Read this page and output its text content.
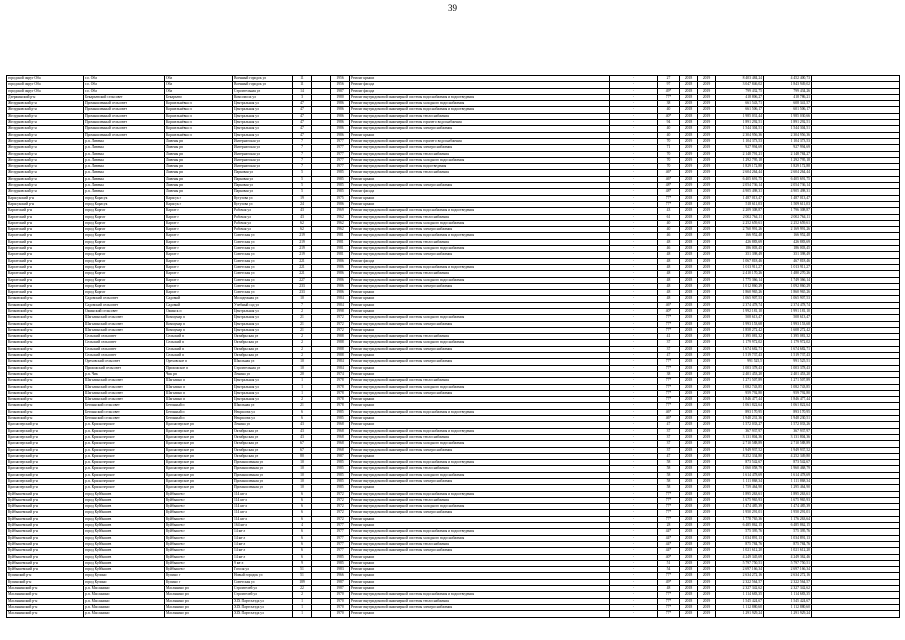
39
городской округ Оба	г.о. Оба	Оба	Военный городок ул	11		1956	Ремонт крыши	-	27	2018	2019	8 403 484,24	4 452 400,73	
городской округ Оба	г.о. Оба	Оба	Военный городок ул	11		1956	Ремонт фасада	-	97	2018	2019	3 047 846,02	1 843 949,02	
городской округ Оба	г.о. Оба	Оба	Строительная ул	14		1987	Ремонт фасада	-	49*	2018	2019	799 432,75	799 434,26	
Дзержинский р-н	Бекарьевский сельсовет	Бекарьево	Комсомола ул	3		1980	Ремонт внутридомовой инженерной системы водоснабжения и водоотведения	-	77*	2018	2019	418 806,27	418 786,21	
Желудковский р-н	Промышленный сельсовет	Коршельнёвка п	Центральная ул	47		1986	Ремонт внутридомовой инженерной системы холодного водоснабжения	-	38	2018	2019	661 543,71	608 341,57	
Желудковский р-н	Промышленный сельсовет	Коршельнёвка п	Центральная ул	47		1986	Ремонт внутридомовой инженерной системы водоснабжения и водоотведения	-	40	2018	2019	661 506,17	601 506,17	
Желудковский р-н	Промышленный сельсовет	Коршельнёвка п	Центральная ул	47		1986	Ремонт внутридомовой инженерной системы теплоснабжения	-	40*	2018	2019	1 985 031,44	1 985 030,66	
Желудковский р-н	Промышленный сельсовет	Коршельнёвка п	Центральная ул	47		1986	Ремонт внутридомовой инженерной системы горячего водоснабжения	-	94	2018	2019	1 891 292,51	1 891 292,51	
Желудковский р-н	Промышленный сельсовет	Коршельнёвка п	Центральная ул	47		1986	Ремонт внутридомовой инженерной системы электроснабжения	-	40	2018	2019	1 544 304,51	1 544 304,51	
Желудковский р-н	Промышленный сельсовет	Коршельнёвка п	Центральная ул	47		1986	Ремонт крыши	-	40	2018	2019	2 304 956,36	2 304 956,36	
Желудковский р-н	р.п. Ливены	Ливены рп	Интернатская ул	7		1977	Ремонт внутридомовой инженерной системы горячего водоснабжения	-	70	2019	2019	1 104 373,53	1 104 373,53	
Желудковский р-н	р.п. Ливены	Ливены рп	Интернатская ул	7		1977	Ремонт внутридомовой инженерной системы электроснабжения	-	71	2019	2019	927 994,69	927 994,69	
Желудковский р-н	р.п. Ливены	Ливены рп	Интернатская ул	7		1977	Ремонт внутридомовой инженерной системы теплоснабжения	-	70	2019	2019	2 148 791,21	2 148 784,27	
Желудковский р-н	р.п. Ливены	Ливены рп	Интернатская ул	7		1977	Ремонт внутридомовой инженерной системы холодного водоснабжения	-	70	2019	2019	1 292 795,18	1 292 795,18	
Желудковский р-н	р.п. Ливены	Ливены рп	Интернатская ул	7		1977	Ремонт внутридомовой инженерной системы водоотведения	-	70	2019	2019	1 829 172,88	1 829 172,88	
Желудковский р-н	р.п. Ливены	Ливены рп	Парковая ул	5		1985	Ремонт внутридомовой инженерной системы теплоснабжения	-	46*	2019	2019	2 604 264,44	2 604 264,44	
Желудковский р-н	р.п. Ливены	Ливены рп	Парковая ул	5		1985	Ремонт крыши	-	46*	2018	2019	6 405 691,75	6 405 691,75	
Желудковский р-н	р.п. Ливены	Ливены рп	Парковая ул	5		1985	Ремонт внутридомовой инженерной системы электроснабжения	-	48*	2019	2019	2 054 736,14	2 054 736,14	
Желудковский р-н	р.п. Ливены	Ливены рп	Парковая ул	5		1985	Ремонт фасада	-	48*	2018	2019	4 905 498,31	4 905 498,31	
Карасукский р-н	город Карасук	Карасук г	Кутузова ул	19		1975	Ремонт крыши	-	77*	2018	2019	1 487 013,47	1 487 013,47	
Карасукский р-н	город Карасук	Карасук г	Кутузова ул	24		1986	Ремонт крыши	-	77*	2018	2019	518 611,03	1 509 611,03	
Каргатский р-н	город Каргат	Каргат г	Рабочая ул	43		1969	Ремонт внутридомовой инженерной системы водоснабжения и водоотведения	-	43	2018	2019	2 209 308,87	1 796 308,87	
Каргатский р-н	город Каргат	Каргат г	Рабочая ул	43		1962	Ремонт внутридомовой инженерной системы теплоснабжения	-	61	2018	2019	2 002 764,11	2 002 764,11	
Каргатский р-н	город Каргат	Каргат г	Рабочая ул	62		1962	Ремонт внутридомовой инженерной системы холодного водоснабжения	-	40	2018	2019	2 252 659,61	2 252 659,61	
Каргатский р-н	город Каргат	Каргат г	Рабочая ул	62		1962	Ремонт внутридомовой инженерной системы электроснабжения	-	40	2018	2019	2 760 991,26	2 169 991,26	
Каргатский р-н	город Каргат	Каргат г	Советская ул	219		1981	Ремонт внутридомовой инженерной системы водоснабжения и водоотведения	-	46	2018	2019	166 952,48	166 952,48	
Каргатский р-н	город Каргат	Каргат г	Советская ул	219		1981	Ремонт внутридомовой инженерной системы теплоснабжения	-	48	2018	2019	426 883,69	426 883,69	
Каргатский р-н	город Каргат	Каргат г	Советская ул	219		1981	Ремонт внутридомовой инженерной системы холодного водоснабжения	-	46	2018	2019	186 003,45	186 003,45	
Каргатский р-н	город Каргат	Каргат г	Советская ул	219		1981	Ремонт внутридомовой инженерной системы электроснабжения	-	48	2018	2019	351 398,49	351 398,49	
Каргатский р-н	город Каргат	Каргат г	Советская ул	221		1986	Ремонт фасада	-	48	2018	2019	1 067 818,46	467 818,46	
Каргатский р-н	город Каргат	Каргат г	Советская ул	221		1986	Ремонт внутридомовой инженерной системы водоснабжения и водоотведения	-	48	2018	2019	1 013 911,27	1 013 911,27	
Каргатский р-н	город Каргат	Каргат г	Советская ул	221		1986	Ремонт внутридомовой инженерной системы теплоснабжения	-	48	2018	2019	2 410 170,26	1 480 270,26	
Каргатский р-н	город Каргат	Каргат г	Советская ул	227		1986	Ремонт внутридомовой инженерной системы холодного водоснабжения	-	48	2018	2019	1 775 366,14	1 749 366,14	
Каргатский р-н	город Каргат	Каргат г	Советская ул	233		1986	Ремонт внутридомовой инженерной системы электроснабжения	-	48	2018	2019	1 012 860,29	1 092 860,29	
Каргатский р-н	город Каргат	Каргат г	Советская ул	233		1986	Ремонт крыши	-	48	2018	2019	1 860 965,26	1 860 965,26	
Кочковский р-н	Садовский сельсовет	Садовый	Молодежная ул	10		1984	Ремонт крыши	-	48	2018	2019	1 065 907,53	1 065 907,53	
Кочковский р-н	Садовский сельсовет	Садовый	Учебный сад ул	7		1984	Ремонт крыши	-	46*	2018	2019	2 374 478,74	2 374 478,74	
Кочковский р-н	Ожинский сельсовет	Ожинск п	Центральная ул	2		1998	Ремонт крыши	-	40*	2018	2019	1 992 181,10	1 991 181,10	
Кочковский р-н	Шагалинский сельсовет	Коммунар п	Центральная ул	21		1972	Ремонт внутридомовой инженерной системы холодного водоснабжения	-	77*	2018	2019	508 613,47	508 613,47	
Кочковский р-н	Шагалинский сельсовет	Коммунар п	Центральная ул	21		1972	Ремонт внутридомовой инженерной системы электроснабжения	-	77*	2018	2019	1 993 153,68	1 993 153,68	
Кочковский р-н	Шагалинский сельсовет	Коммунар п	Центральная ул	21		1972	Ремонт крыши	-	77*	2018	2019	1 858 272,42	1 608 272,42	
Кочковский р-н	Сельский сельсовет	Сельский п	Октябрьская ул	2		1988	Ремонт внутридомовой инженерной системы теплоснабжения	-	41	2018	2019	1 395 081,32	1 395 081,32	
Кочковский р-н	Сельский сельсовет	Сельский п	Октябрьская ул	2		1988	Ремонт внутридомовой инженерной системы холодного водоснабжения	-	37	2018	2019	1 179 972,02	1 179 972,02	
Кочковский р-н	Сельский сельсовет	Сельский п	Октябрьская ул	2		1988	Ремонт внутридомовой инженерной системы электроснабжения	-	37	2018	2019	1 674 682,71	1 674 682,71	
Кочковский р-н	Сельский сельсовет	Сельский п	Октябрьская ул	2		1988	Ремонт крыши	-	47	2018	2019	1 519 737,43	1 519 737,43	
Кочковский р-н	Ореховский сельсовет	Ореховское п	Школьная ул	10		1984	Ремонт внутридомовой инженерной системы электроснабжения	-	77*	2018	2019	991 525,5	991 525,51	
Кочковский р-н	Прихожский сельсовет	Прихожское п	Строительная ул	10		1984	Ремонт крыши	-	77*	2018	2019	1 003 378,43	1 003 378,43	
Кочковский р-н	р.п. Чик	Чик рп	Ленина ул	20		1974	Ремонт крыши	-	38	2018	2019	2 401 453,20	2 401 453,20	
Кочковский р-н	Шагалинский сельсовет	Шагалино п	Центральная ул	1		1978	Ремонт внутридомовой инженерной системы теплоснабжения	-	77*	2018	2019	1 271 507,89	1 271 507,89	
Кочковский р-н	Шагалинский сельсовет	Шагалино п	Центральная ул	1		1978	Ремонт внутридомовой инженерной системы холодного водоснабжения	-	77*	2018	2019	1 082 743,85	1 082 743,85	
Кочковский р-н	Шагалинский сельсовет	Шагалино п	Центральная ул	1		1978	Ремонт внутридомовой инженерной системы электроснабжения	-	77*	2018	2019	959 792,80	959 792,80	
Кочковский р-н	Шагалинский сельсовет	Шагалино п	Центральная ул	2		1978	Ремонт крыши	-	77*	2018	2019	1 846 477,44	1 846 477,44	
Кочковский р-н	Бетоннский сельсовет	Бетонный п	Школьная ул	21		1978	Ремонт крыши	-	77*	2018	2019	1 061 822,64	1 061 822,64	
Кочковский р-н	Бетоннский сельсовет	Бетонный п	Некрасова ул	6		1985	Ремонт внутридомовой инженерной системы водоснабжения и водоотведения	-	46*	2018	2019	893 170,95	893 170,95	
Кочковский р-н	Бетоннский сельсовет	Бетонный п	Некрасова ул	6		1985	Ремонт крыши	-	46*	2018	2019	1 948 231,36	1 948 230,51	
Краснозерский р-н	р.п. Краснозерское	Краснозерское рп	Ленина ул	43		1968	Ремонт крыши	-	47	2018	2019	1 572 033,27	1 572 033,26	
Краснозерский р-н	р.п. Краснозерское	Краснозерское рп	Октябрьская ул	43		1968	Ремонт внутридомовой инженерной системы водоснабжения и водоотведения	-	37	2018	2019	367 937,97	367 937,97	
Краснозерский р-н	р.п. Краснозерское	Краснозерское рп	Октябрьская ул	43		1968	Ремонт внутридомовой инженерной системы теплоснабжения	-	37	2018	2019	3 131 804,36	3 131 804,36	
Краснозерский р-н	р.п. Краснозерское	Краснозерское рп	Октябрьская ул	67		1968	Ремонт внутридомовой инженерной системы холодного водоснабжения	-	37	2018	2019	2 710 588,89	2 710 588,89	
Краснозерский р-н	р.п. Краснозерское	Краснозерское рп	Октябрьская ул	67		1968	Ремонт внутридомовой инженерной системы электроснабжения	-	37	2018	2019	1 949 937,52	1 949 937,52	
Краснозерский р-н	р.п. Краснозерское	Краснозерское рп	Октябрьская ул	80		1987	Ремонт крыши	-	47	2018	2019	8 252 334,80	4 252 349,80	
Краснозерский р-н	р.п. Краснозерское	Краснозерское рп	Промышленная ул	10		1985	Ремонт внутридомовой инженерной системы водоснабжения и водоотведения	-	58	2018	2019	873 542,67	873 542,67	
Краснозерский р-н	р.п. Краснозерское	Краснозерское рп	Промышленная ул	10		1985	Ремонт внутридомовой инженерной системы теплоснабжения	-	58	2018	2019	1 060 058,79	1 960 468,79	
Краснозерский р-н	р.п. Краснозерское	Краснозерское рп	Промышленная ул	10		1985	Ремонт внутридомовой инженерной системы холодного водоснабжения	-	58	2018	2019	1 614 478,69	1 614 478,69	
Краснозерский р-н	р.п. Краснозерское	Краснозерское рп	Промышленная ул	10		1985	Ремонт внутридомовой инженерной системы электроснабжения	-	58	2018	2019	1 111 868,34	1 111 868,34	
Краснозерский р-н	р.п. Краснозерское	Краснозерское рп	Промышленная ул	10		1985	Ремонт крыши	-	58	2018	2019	1 759 464,90	1 295 464,90	
Куйбышевский р-н	город Куйбышев	Куйбышев г	114 кв-л	6		1972	Ремонт внутридомовой инженерной системы водоснабжения и водоотведения	-	77*	2018	2019	1 895 263,61	1 895 263,61	
Куйбышевский р-н	город Куйбышев	Куйбышев г	114 кв-л	6		1972	Ремонт внутридомовой инженерной системы теплоснабжения	-	77*	2018	2019	1 675 965,93	1 675 965,93	
Куйбышевский р-н	город Куйбышев	Куйбышев г	114 кв-л	6		1972	Ремонт внутридомовой инженерной системы холодного водоснабжения	-	77*	2018	2019	1 474 485,39	1 474 485,39	
Куйбышевский р-н	город Куйбышев	Куйбышев г	114 кв-л	6		1972	Ремонт внутридомовой инженерной системы электроснабжения	-	77*	2018	2019	1 950 291,01	1 950 291,01	
Куйбышевский р-н	город Куйбышев	Куйбышев г	114 кв-л	6		1972	Ремонт крыши	-	77*	2018	2019	1 778 765,36	1 176 263,64	
Куйбышевский р-н	город Куйбышев	Куйбышев г	164 кв-л	4		1977	Ремонт крыши	-	28	2018	2019	6 485 862,15	6 485 862,15	
Куйбышевский р-н	город Куйбышев	Куйбышев г	14 кв-л	6		1977	Ремонт внутридомовой инженерной системы водоснабжения и водоотведения	-	44*	2018	2019	575 395,76	575 395,76	
Куйбышевский р-н	город Куйбышев	Куйбышев г	14 кв-л	6		1977	Ремонт внутридомовой инженерной системы холодного водоснабжения	-	44*	2018	2019	1 034 891,13	1 034 891,13	
Куйбышевский р-н	город Куйбышев	Куйбышев г	14 кв-л	6		1977	Ремонт внутридомовой инженерной системы теплоснабжения	-	44*	2018	2019	875 784,76	875 784,76	
Куйбышевский р-н	город Куйбышев	Куйбышев г	14 кв-л	6		1977	Ремонт внутридомовой инженерной системы электроснабжения	-	44*	2018	2019	1 021 612,20	1 021 612,20	
Куйбышевский р-н	город Куйбышев	Куйбышев г	14 кв-л	6		1985	Ремонт крыши	-	40*	2018	2019	4 249 345,69	4 249 362,46	
Куйбышевский р-н	город Куйбышев	Куйбышев г	9 кв-л	9		1985	Ремонт крыши	-	51	2018	2019	5 797 750,51	5 797 750,51	
Куйбышевский р-н	город Куйбышев	Куйбышев г	Гоголя ул	51		1983	Ремонт крыши	-	54	2018	2019	2 697 166,34	2 697 166,34	
Купинский р-н	город Купино	Купино г	Новый городок ул	51		1966	Ремонт крыши	-	77*	2018	2019	2 634 272,16	2 634 272,16	
Купинский р-н	город Купино	Купино г	Советская ул	189		1987	Ремонт крыши	-	49*	2018	2019	2 322 564,57	2 322 564,57	
Маслянинский р-н	р.п. Маслянино	Маслянино рп	Строителей ул	22		1987	Ремонт крыши	-	48	2018	2019	2 327 342,62	2 327 342,62	
Маслянинский р-н	р.п. Маслянино	Маслянино рп	Строителей ул	2		1970	Ремонт внутридомовой инженерной системы водоснабжения и водоотведения	-	77*	2018	2019	1 114 683,35	1 114 683,35	
Маслянинский р-н	р.п. Маслянино	Маслянино рп	XIX Партсъезда ул	1		1970	Ремонт внутридомовой инженерной системы теплоснабжения	-	77*	2018	2019	1 545 424,67	1 545 424,67	
Маслянинский р-н	р.п. Маслянино	Маслянино рп	XIX Партсъезда ул	1		1970	Ремонт внутридомовой инженерной системы электроснабжения	-	77*	2018	2019	1 112 880,60	1 112 880,60	
Маслянинский р-н	р.п. Маслянино	Маслянино рп	XIX Партсъезда ул	1		1970	Ремонт крыши	-	77*	2018	2019	1 291 929,24	1 291 929,24	
